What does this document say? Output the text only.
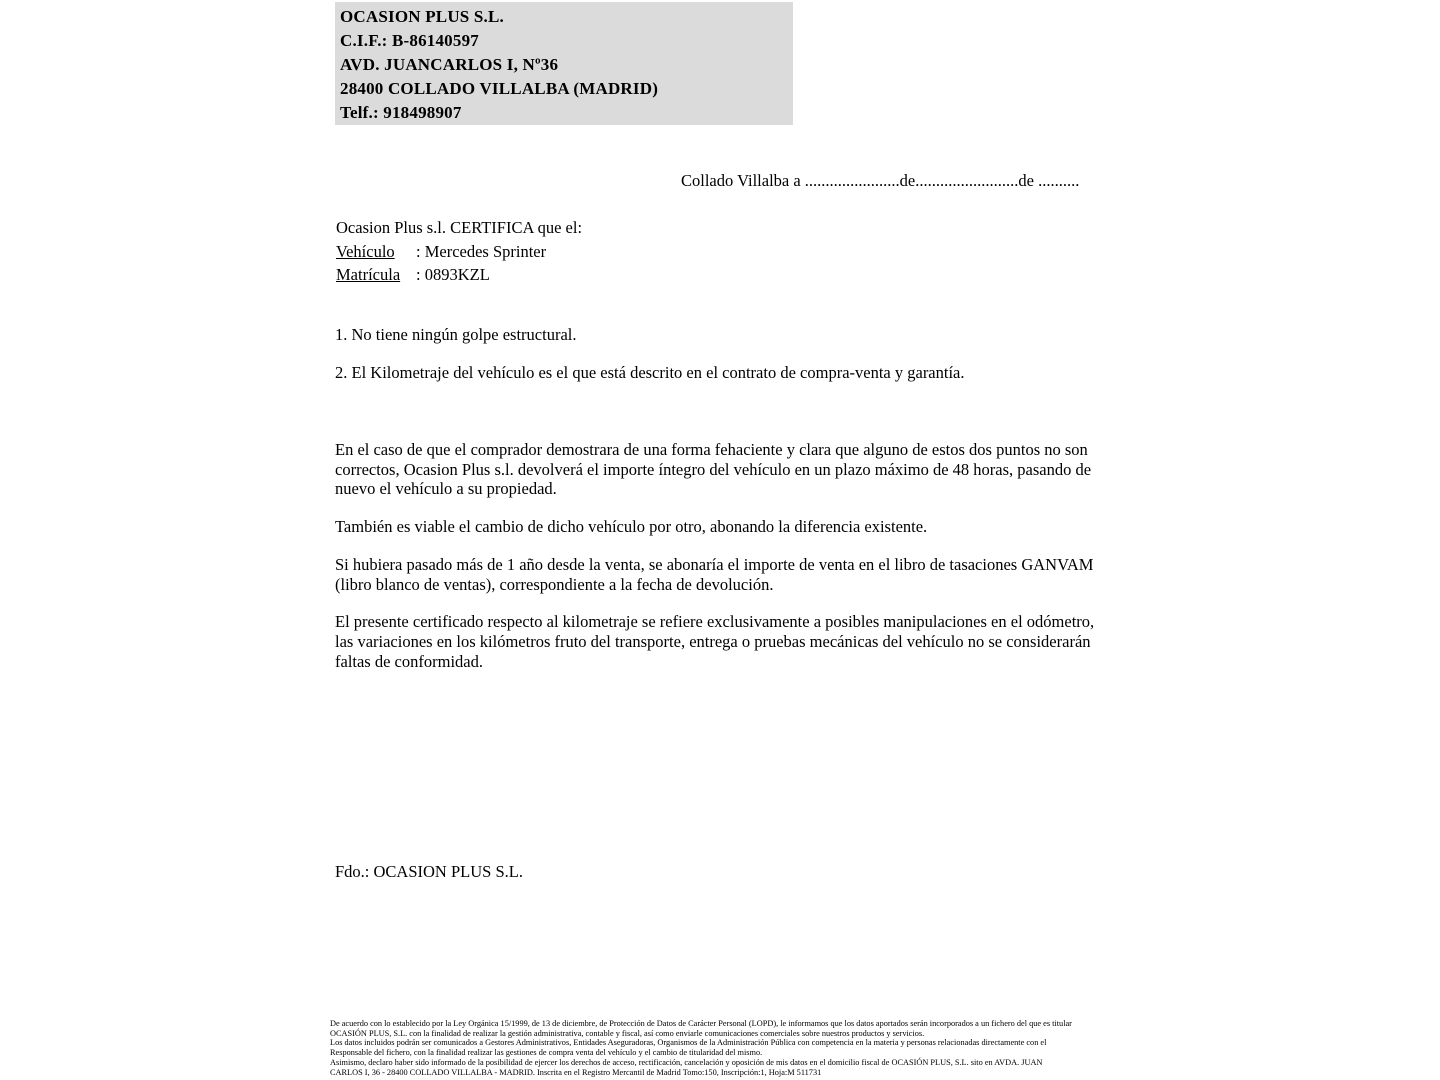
OCASION PLUS S.L.
C.I.F.: B-86140597
AVD. JUANCARLOS I, Nº36
28400 COLLADO VILLALBA (MADRID)
Telf.: 918498907
Collado Villalba a .......................de.........................de ..........
Ocasion Plus s.l. CERTIFICA que el:
Vehículo : Mercedes Sprinter
Matrícula : 0893KZL
1. No tiene ningún golpe estructural.
2. El Kilometraje del vehículo es el que está descrito en el contrato de compra-venta y garantía.

En el caso de que el comprador demostrara de una forma fehaciente y clara que alguno de estos dos puntos no son correctos, Ocasion Plus s.l. devolverá el importe íntegro del vehículo en un plazo máximo de 48 horas, pasando de nuevo el vehículo a su propiedad.

También es viable el cambio de dicho vehículo por otro, abonando la diferencia existente.

Si hubiera pasado más de 1 año desde la venta, se abonaría el importe de venta en el libro de tasaciones GANVAM (libro blanco de ventas), correspondiente a la fecha de devolución.

El presente certificado respecto al kilometraje se refiere exclusivamente a posibles manipulaciones en el odómetro, las variaciones en los kilómetros fruto del transporte, entrega o pruebas mecánicas del vehículo no se considerarán faltas de conformidad.

Fdo.: OCASION PLUS S.L.
De acuerdo con lo establecido por la Ley Orgánica 15/1999, de 13 de diciembre, de Protección de Datos de Carácter Personal (LOPD), le informamos que los datos aportados serán incorporados a un fichero del que es titular
OCASIÓN PLUS, S.L. con la finalidad de realizar la gestión administrativa, contable y fiscal, así como enviarle comunicaciones comerciales sobre nuestros productos y servicios.
Los datos incluidos podrán ser comunicados a Gestores Administrativos, Entidades Aseguradoras, Organismos de la Administración Pública con competencia en la materia y personas relacionadas directamente con el
Responsable del fichero, con la finalidad realizar las gestiones de compra venta del vehículo y el cambio de titularidad del mismo.
Asimismo, declaro haber sido informado de la posibilidad de ejercer los derechos de acceso, rectificación, cancelación y oposición de mis datos en el domicilio fiscal de OCASIÓN PLUS, S.L. sito en AVDA. JUAN
CARLOS I, 36 - 28400 COLLADO VILLALBA - MADRID. Inscrita en el Registro Mercantil de Madrid Tomo:150, Inscripción:1, Hoja:M 511731
